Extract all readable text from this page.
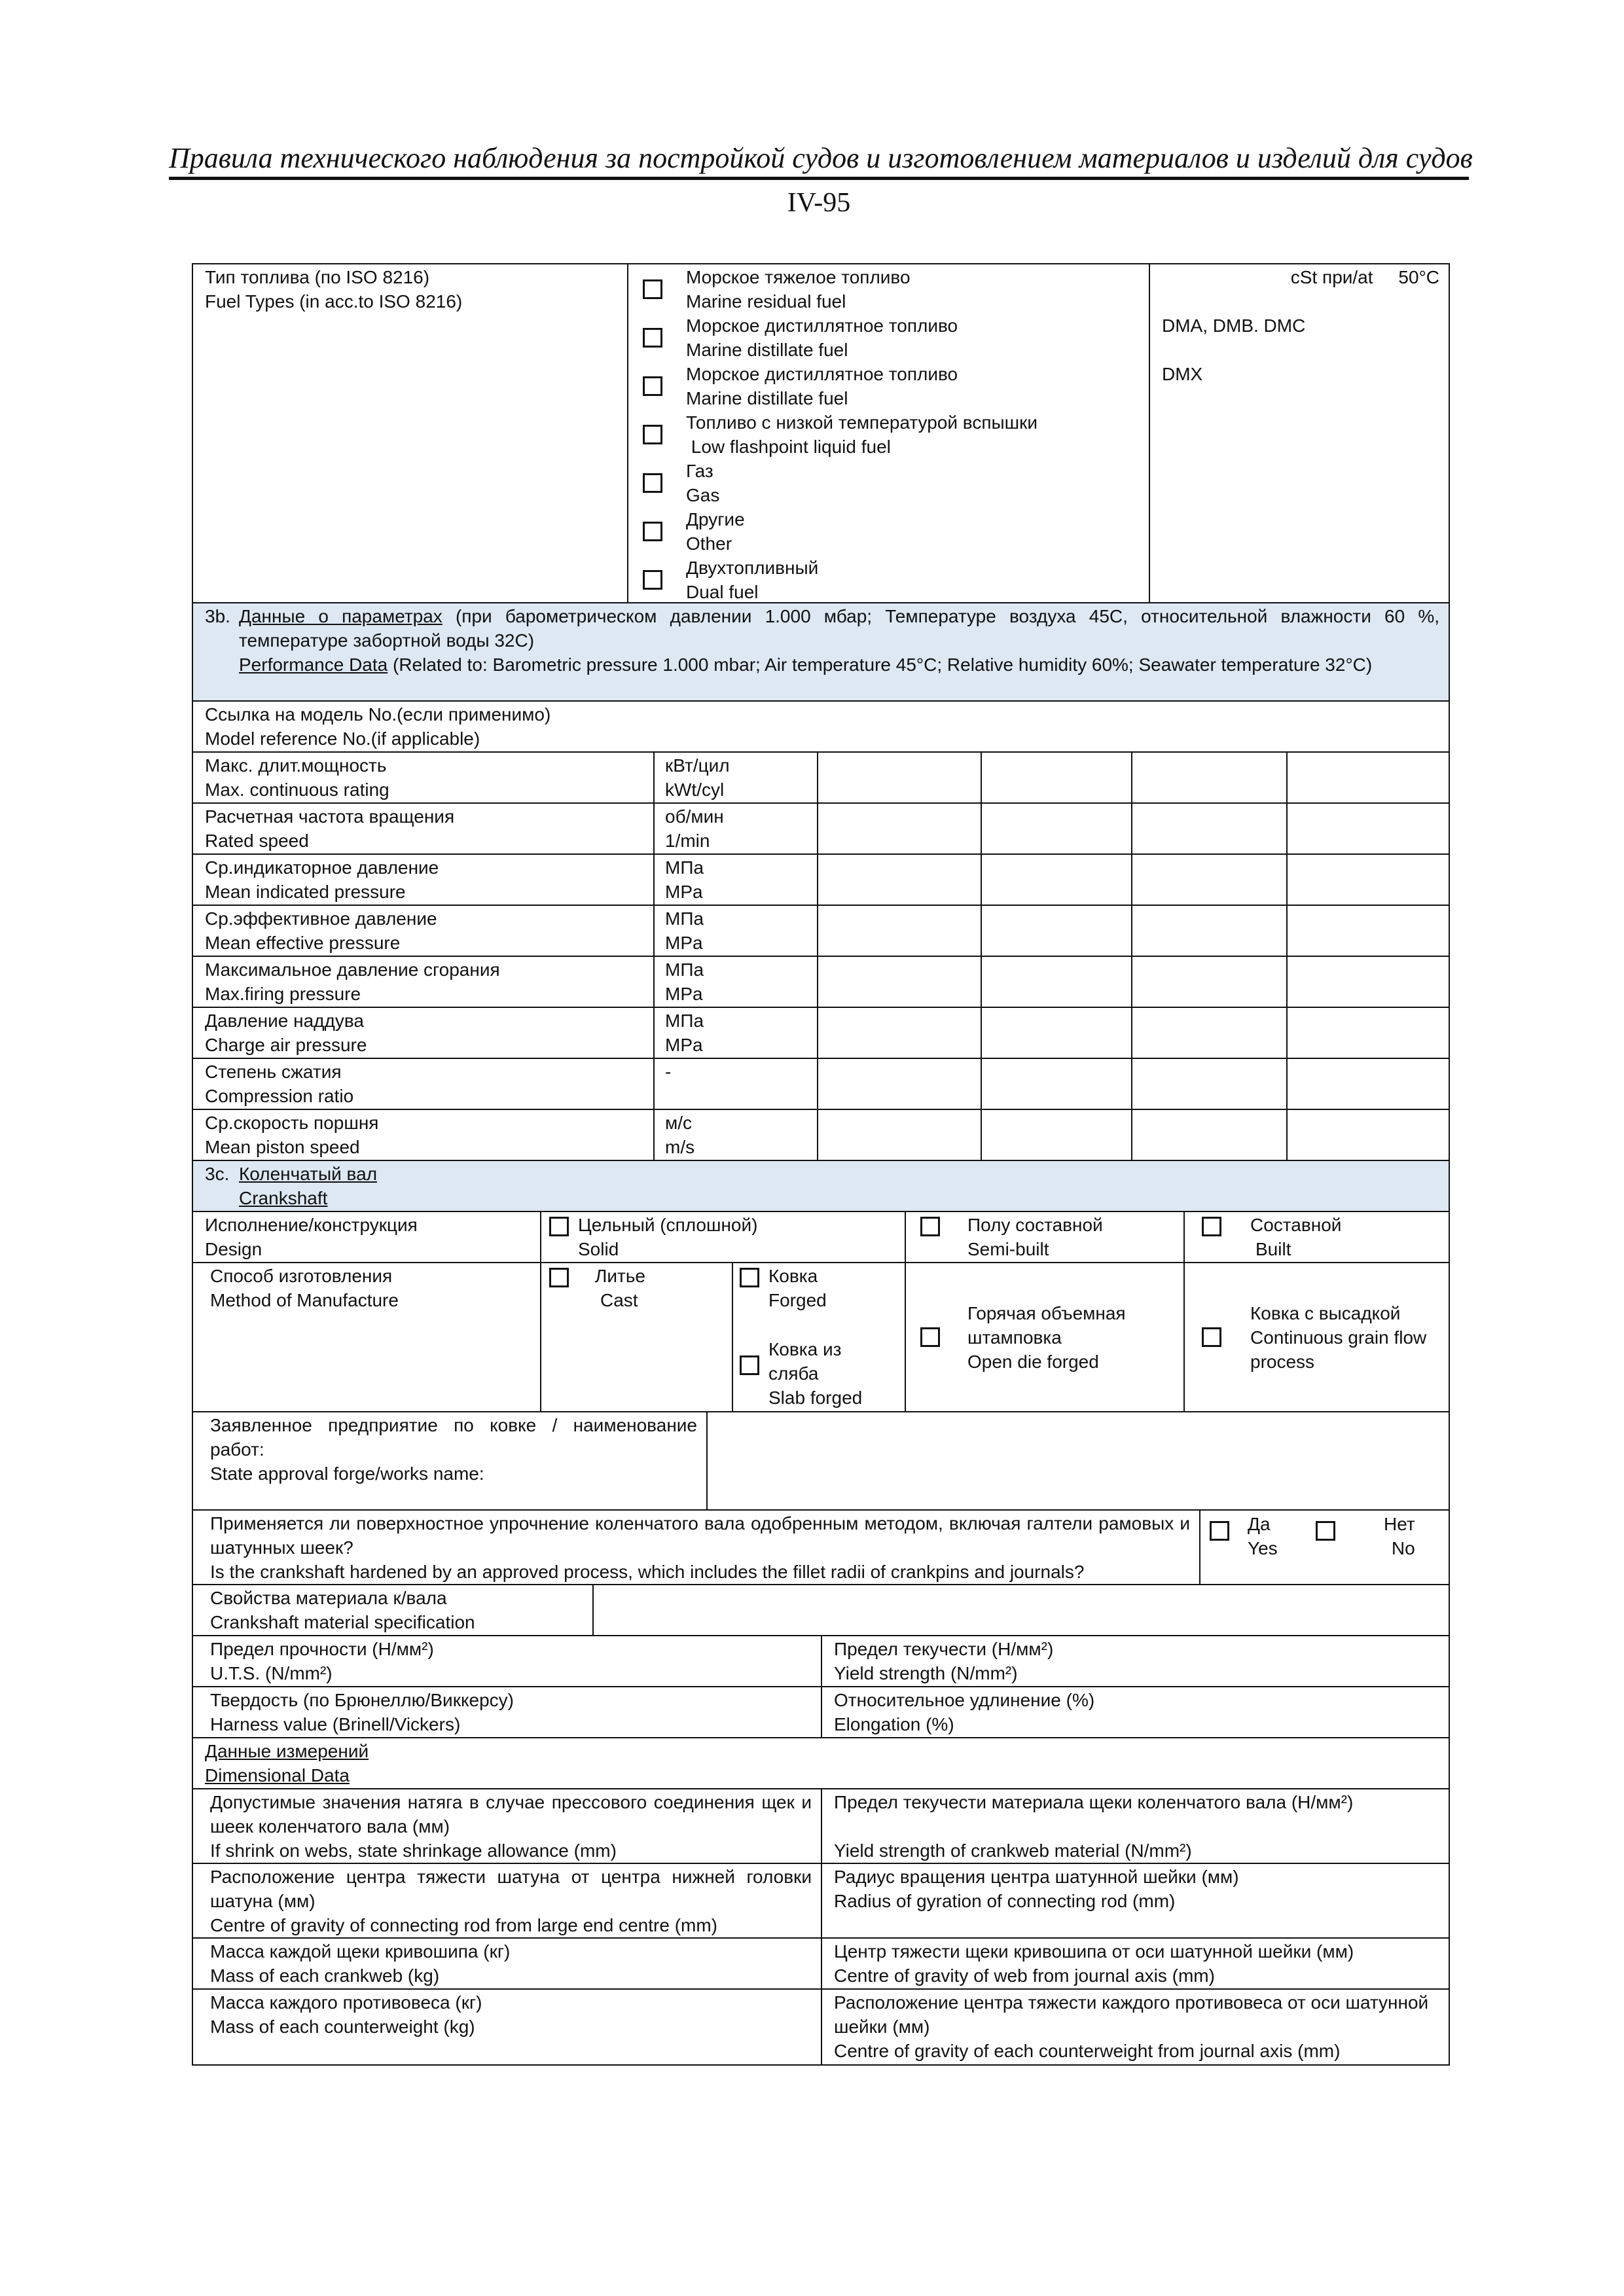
Правила технического наблюдения за постройкой судов и изготовлением материалов и изделий для судов
IV-95
Тип топлива (по ISO 8216)
Fuel Types (in acc.to ISO 8216)
Морское тяжелое топливо
Marine residual fuel
Морское дистиллятное топливо
Marine distillate fuel
Морское дистиллятное топливо
Marine distillate fuel
Топливо с низкой температурой вспышки
Low flashpoint liquid fuel
Газ
Gas
Другие
Other
Двухтопливный
Dual fuel
cSt при/at     50°C
DMA, DMB. DMC
DMX
3b. Данные о параметрах (при барометрическом давлении 1.000 мбар; Температуре воздуха 45С, относительной влажности 60 %, температуре забортной воды 32С)
Performance Data (Related to: Barometric pressure 1.000 mbar; Air temperature 45°C; Relative humidity 60%; Seawater temperature 32°C)
Ссылка на модель No.(если применимо)
Model reference No.(if applicable)
Макс. длит.мощность
Max. continuous rating
кВт/цил
kWt/cyl
Расчетная частота вращения
Rated speed
об/мин
1/min
Ср.индикаторное давление
Mean indicated pressure
МПа
MPa
Ср.эффективное давление
Mean effective pressure
МПа
MPa
Максимальное давление сгорания
Max.firing pressure
МПа
MPa
Давление наддува
Charge air pressure
МПа
MPa
Степень сжатия
Compression ratio
-
Ср.скорость поршня
Mean piston speed
м/с
m/s
3c. Коленчатый вал
Crankshaft
Исполнение/конструкция
Design
Цельный (сплошной)
Solid
Полу составной
Semi-built
Составной
Built
Способ изготовления
Method of Manufacture
Литье
Cast
Ковка
Forged
Ковка из сляба
Slab forged
Горячая объемная штамповка
Open die forged
Ковка с высадкой
Continuous grain flow process
Заявленное предприятие по ковке / наименование работ:
State approval forge/works name:
Применяется ли поверхностное упрочнение коленчатого вала одобренным методом, включая галтели рамовых и шатунных шеек?
Is the crankshaft hardened by an approved process, which includes the fillet radii of crankpins and journals?
Да
Yes
Нет
No
Свойства материала к/вала
Crankshaft material specification
Предел прочности (Н/мм²)
U.T.S. (N/mm²)
Предел текучести (Н/мм²)
Yield strength (N/mm²)
Твердость (по Брюнеллю/Виккерсу)
Harness value (Brinell/Vickers)
Относительное удлинение (%)
Elongation (%)
Данные измерений
Dimensional Data
Допустимые значения натяга в случае прессового соединения щек и шеек коленчатого вала (мм)
If shrink on webs, state shrinkage allowance (mm)
Предел текучести материала щеки коленчатого вала (Н/мм²)
Yield strength of crankweb material (N/mm²)
Расположение центра тяжести шатуна от центра нижней головки шатуна (мм)
Centre of gravity of connecting rod from large end centre (mm)
Радиус вращения центра шатунной шейки (мм)
Radius of gyration of connecting rod (mm)
Масса каждой щеки кривошипа (кг)
Mass of each crankweb (kg)
Центр тяжести щеки кривошипа от оси шатунной шейки (мм)
Centre of gravity of web from journal axis (mm)
Масса каждого противовеса (кг)
Mass of each counterweight (kg)
Расположение центра тяжести каждого противовеса от оси шатунной шейки (мм)
Centre of gravity of each counterweight from journal axis (mm)
